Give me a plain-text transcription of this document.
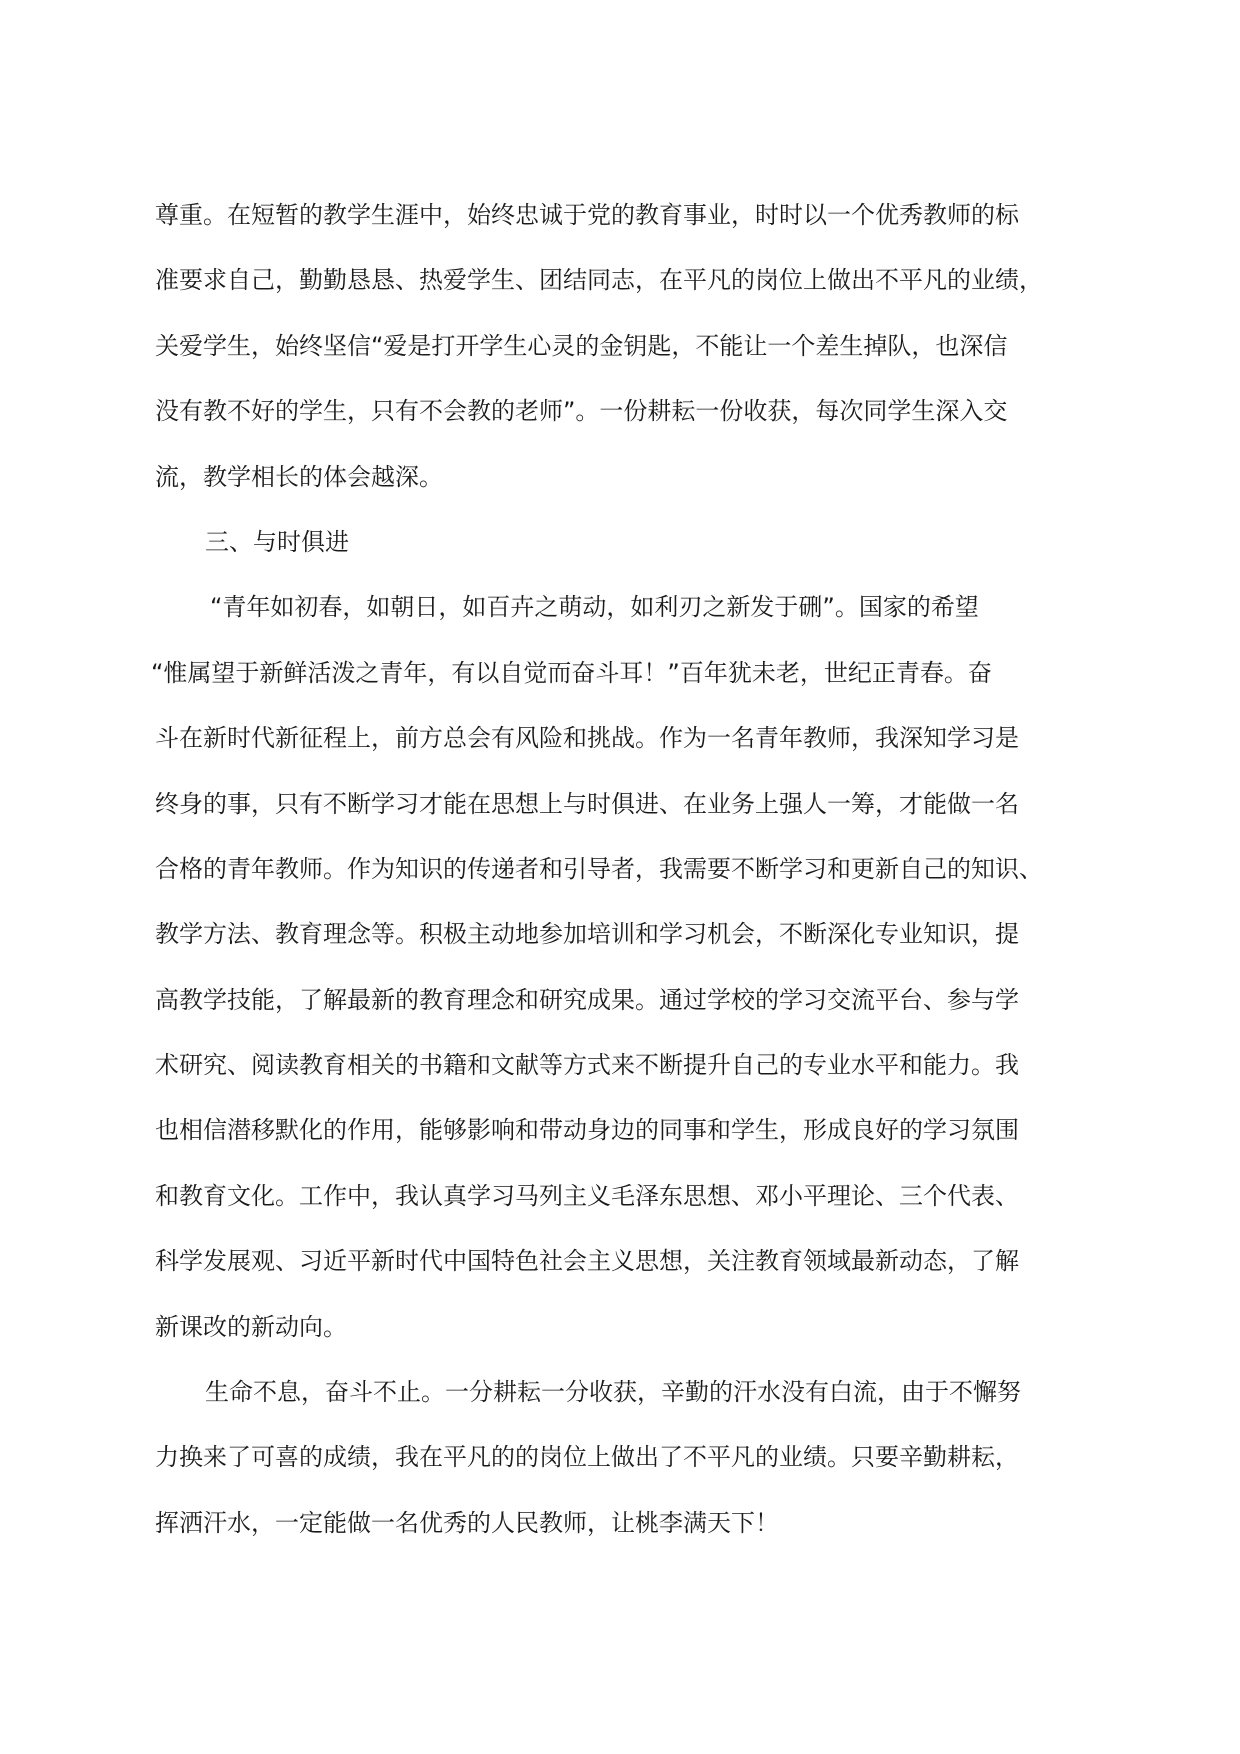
尊重。在短暂的教学生涯中，始终忠诚于党的教育事业，时时以一个优秀教师的标

准要求自己，勤勤恳恳、热爱学生、团结同志，在平凡的岗位上做出不平凡的业绩，

关爱学生，始终坚信“爱是打开学生心灵的金钥匙，不能让一个差生掉队，也深信

没有教不好的学生，只有不会教的老师”。一份耕耘一份收获，每次同学生深入交

流，教学相长的体会越深。

三、与时俱进

“青年如初春，如朝日，如百卉之萌动，如利刃之新发于硎”。国家的希望

“惟属望于新鲜活泼之青年，有以自觉而奋斗耳！”百年犹未老，世纪正青春。奋

斗在新时代新征程上，前方总会有风险和挑战。作为一名青年教师，我深知学习是

终身的事，只有不断学习才能在思想上与时俱进、在业务上强人一筹，才能做一名

合格的青年教师。作为知识的传递者和引导者，我需要不断学习和更新自己的知识、

教学方法、教育理念等。积极主动地参加培训和学习机会，不断深化专业知识，提

高教学技能，了解最新的教育理念和研究成果。通过学校的学习交流平台、参与学

术研究、阅读教育相关的书籍和文献等方式来不断提升自己的专业水平和能力。我

也相信潜移默化的作用，能够影响和带动身边的同事和学生，形成良好的学习氛围

和教育文化。工作中，我认真学习马列主义毛泽东思想、邓小平理论、三个代表、

科学发展观、习近平新时代中国特色社会主义思想，关注教育领域最新动态，了解

新课改的新动向。

生命不息，奋斗不止。一分耕耘一分收获，辛勤的汗水没有白流，由于不懈努

力换来了可喜的成绩，我在平凡的的岗位上做出了不平凡的业绩。只要辛勤耕耘，

挥洒汗水，一定能做一名优秀的人民教师，让桃李满天下！
